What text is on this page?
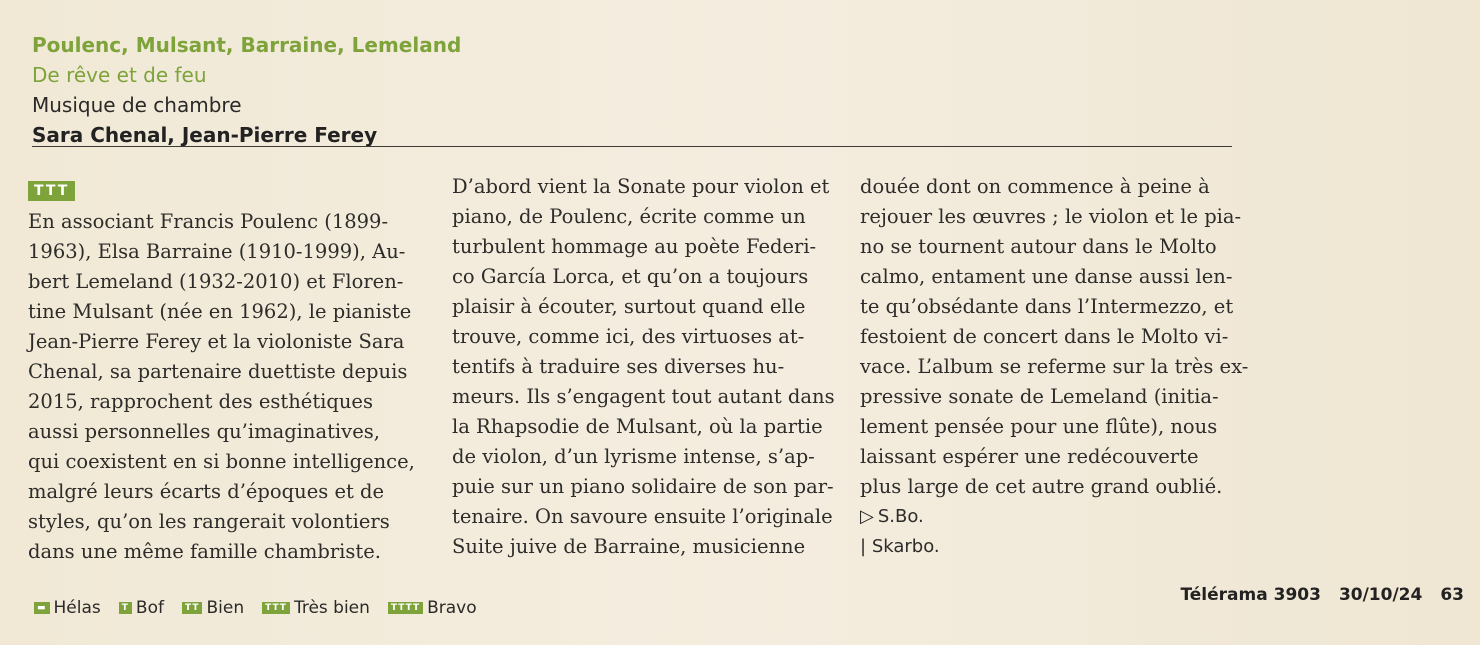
Poulenc, Mulsant, Barraine, Lemeland
De rêve et de feu
Musique de chambre
Sara Chenal, Jean-Pierre Ferey
TTT

En associant Francis Poulenc (1899-

1963), Elsa Barraine (1910-1999), Au-

bert Lemeland (1932-2010) et Floren-

tine Mulsant (née en 1962), le pianiste

Jean-Pierre Ferey et la violoniste Sara

Chenal, sa partenaire duettiste depuis

2015, rapprochent des esthétiques

aussi personnelles qu’imaginatives,

qui coexistent en si bonne intelligence,

malgré leurs écarts d’époques et de

styles, qu’on les rangerait volontiers

dans une même famille chambriste.

D’abord vient la Sonate pour violon et

piano, de Poulenc, écrite comme un

turbulent hommage au poète Federi-

co García Lorca, et qu’on a toujours

plaisir à écouter, surtout quand elle

trouve, comme ici, des virtuoses at-

tentifs à traduire ses diverses hu-

meurs. Ils s’engagent tout autant dans

la Rhapsodie de Mulsant, où la partie

de violon, d’un lyrisme intense, s’ap-

puie sur un piano solidaire de son par-

tenaire. On savoure ensuite l’originale

Suite juive de Barraine, musicienne

douée dont on commence à peine à

rejouer les œuvres ; le violon et le pia-

no se tournent autour dans le Molto

calmo, entament une danse aussi len-

te qu’obsédante dans l’Intermezzo, et

festoient de concert dans le Molto vi-

vace. L’album se referme sur la très ex-

pressive sonate de Lemeland (initia-

lement pensée pour une flûte), nous

laissant espérer une redécouverte

plus large de cet autre grand oublié.

▷ S.Bo.
| Skarbo.
▬ Hélas	T Bof	TT Bien	TTT Très bien	TTTT Bravo
Télérama 3903 30/10/24 63
